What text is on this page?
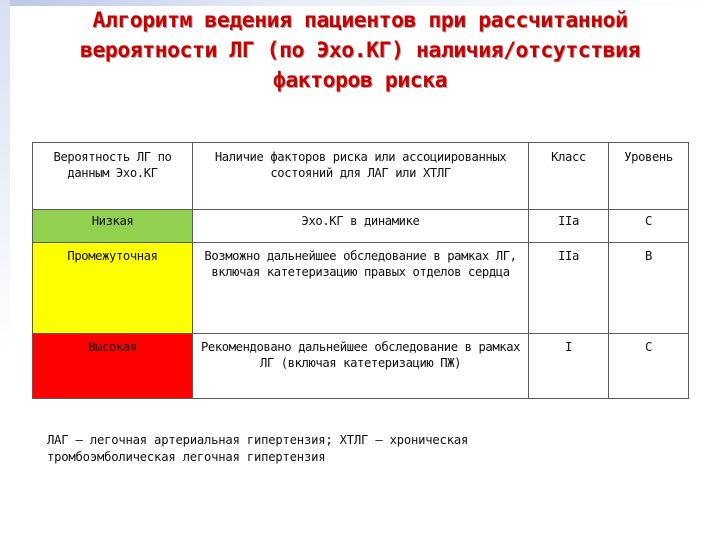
Алгоритм ведения пациентов при рассчитанной
вероятности ЛГ (по Эхо.КГ) наличия/отсутствия
факторов риска
Вероятность ЛГ по данным Эхо.КГ	Наличие факторов риска или ассоциированных состояний для ЛАГ или ХТЛГ	Класс	Уровень
Низкая	Эхо.КГ в динамике	IIa	C
Промежуточная	Возможно дальнейшее обследование в рамках ЛГ, включая катетеризацию правых отделов сердца	IIa	B
Высокая	Рекомендовано дальнейшее обследование в рамках ЛГ (включая катетеризацию ПЖ)	I	C
ЛАГ – легочная артериальная гипертензия; ХТЛГ – хроническая
тромбоэмболическая легочная гипертензия
